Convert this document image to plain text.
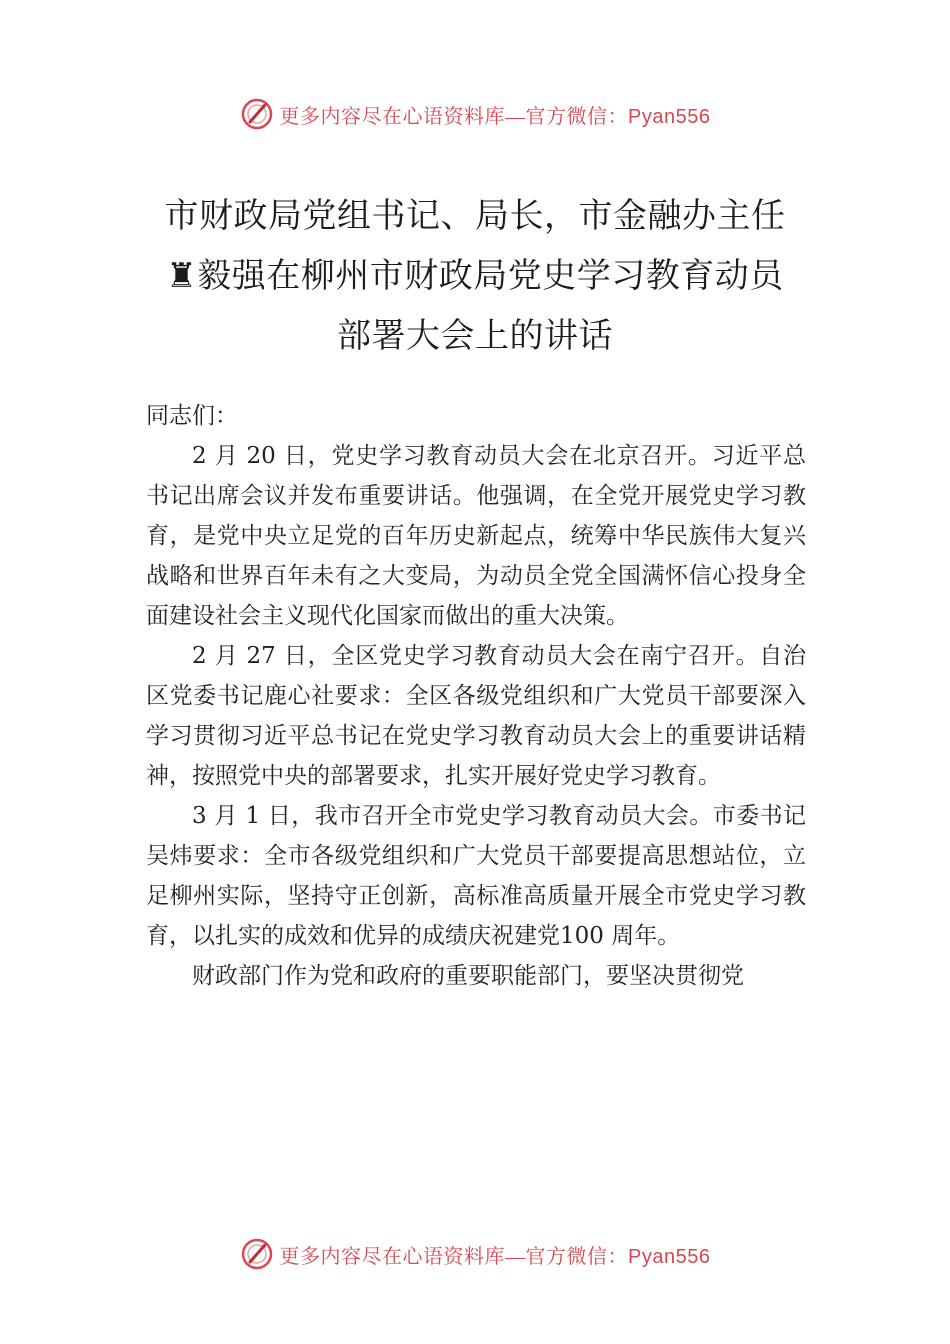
更多内容尽在心语资料库—官方微信：Pyan556
市财政局党组书记、局长，市金融办主任
♜毅强在柳州市财政局党史学习教育动员
部署大会上的讲话

同志们：

2 月 20 日，党史学习教育动员大会在北京召开。习近平总书记出席会议并发布重要讲话。他强调，在全党开展党史学习教育，是党中央立足党的百年历史新起点，统筹中华民族伟大复兴战略和世界百年未有之大变局，为动员全党全国满怀信心投身全面建设社会主义现代化国家而做出的重大决策。

2 月 27 日，全区党史学习教育动员大会在南宁召开。自治区党委书记鹿心社要求：全区各级党组织和广大党员干部要深入学习贯彻习近平总书记在党史学习教育动员大会上的重要讲话精神，按照党中央的部署要求，扎实开展好党史学习教育。

3 月 1 日，我市召开全市党史学习教育动员大会。市委书记吴炜要求：全市各级党组织和广大党员干部要提高思想站位，立足柳州实际，坚持守正创新，高标准高质量开展全市党史学习教育，以扎实的成效和优异的成绩庆祝建党100 周年。

财政部门作为党和政府的重要职能部门，要坚决贯彻党

更多内容尽在心语资料库—官方微信：Pyan556
